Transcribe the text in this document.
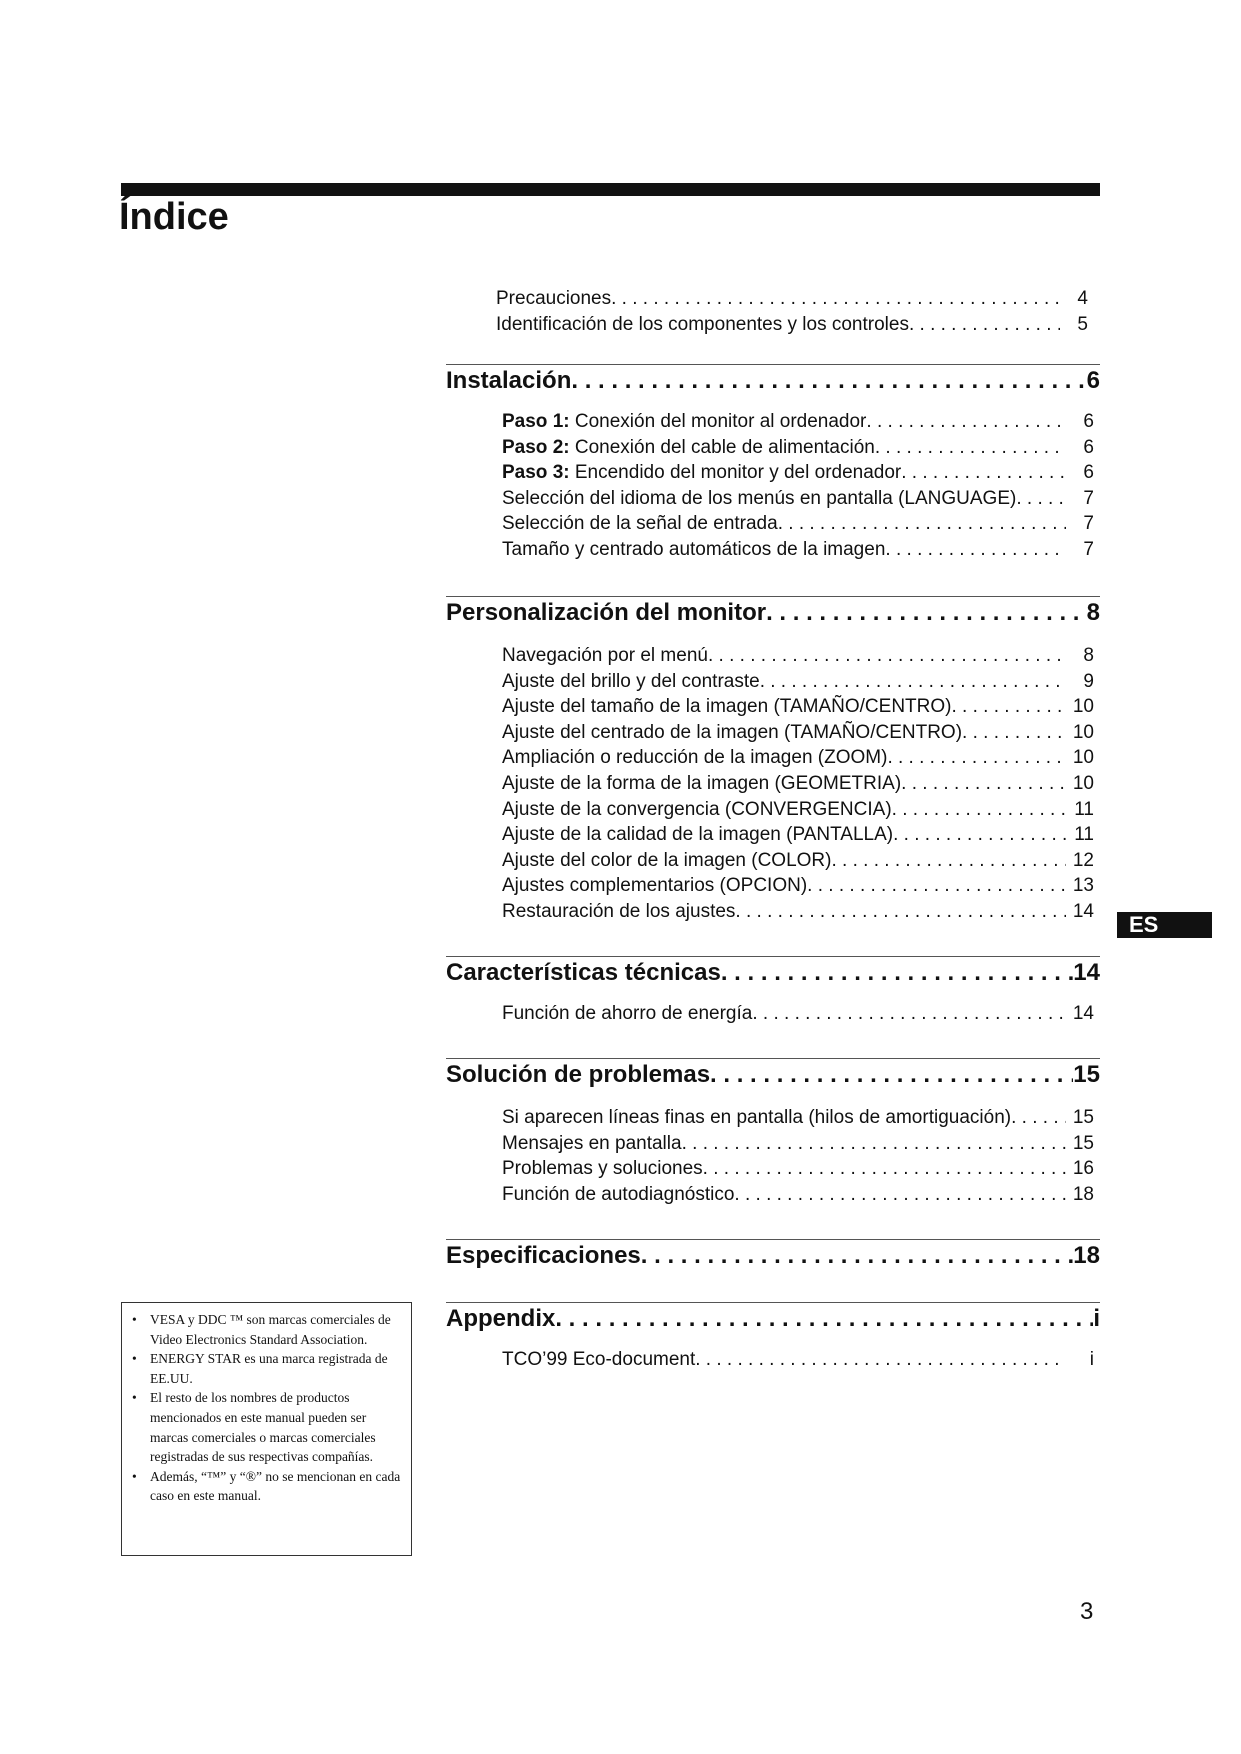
Índice
Precauciones . . .	4
Identificación de los componentes y los controles . . .	5
Instalación . . .	6
Paso 1: Conexión del monitor al ordenador . . .	6
Paso 2: Conexión del cable de alimentación . . .	6
Paso 3: Encendido del monitor y del ordenador . . .	6
Selección del idioma de los menús en pantalla (LANGUAGE) . . .	7
Selección de la señal de entrada . . .	7
Tamaño y centrado automáticos de la imagen . . .	7
Personalización del monitor . . .	8
Navegación por el menú . . .	8
Ajuste del brillo y del contraste . . .	9
Ajuste del tamaño de la imagen (TAMAÑO/CENTRO) . . .	10
Ajuste del centrado de la imagen (TAMAÑO/CENTRO) . . .	10
Ampliación o reducción de la imagen (ZOOM) . . .	10
Ajuste de la forma de la imagen (GEOMETRIA) . . .	10
Ajuste de la convergencia (CONVERGENCIA) . . .	11
Ajuste de la calidad de la imagen (PANTALLA) . . .	11
Ajuste del color de la imagen (COLOR) . . .	12
Ajustes complementarios (OPCION) . . .	13
Restauración de los ajustes . . .	14
Características técnicas . . .	14
Función de ahorro de energía . . .	14
Solución de problemas . . .	15
Si aparecen líneas finas en pantalla (hilos de amortiguación) . . .	15
Mensajes en pantalla . . .	15
Problemas y soluciones . . .	16
Función de autodiagnóstico . . .	18
Especificaciones . . .	18
Appendix . . .	i
TCO’99 Eco-document . . .	i
ES
• VESA y DDC ™ son marcas comerciales de Video Electronics Standard Association.
• ENERGY STAR es una marca registrada de EE.UU.
• El resto de los nombres de productos mencionados en este manual pueden ser marcas comerciales o marcas comerciales registradas de sus respectivas compañías.
• Además, “™” y “®” no se mencionan en cada caso en este manual.
3
